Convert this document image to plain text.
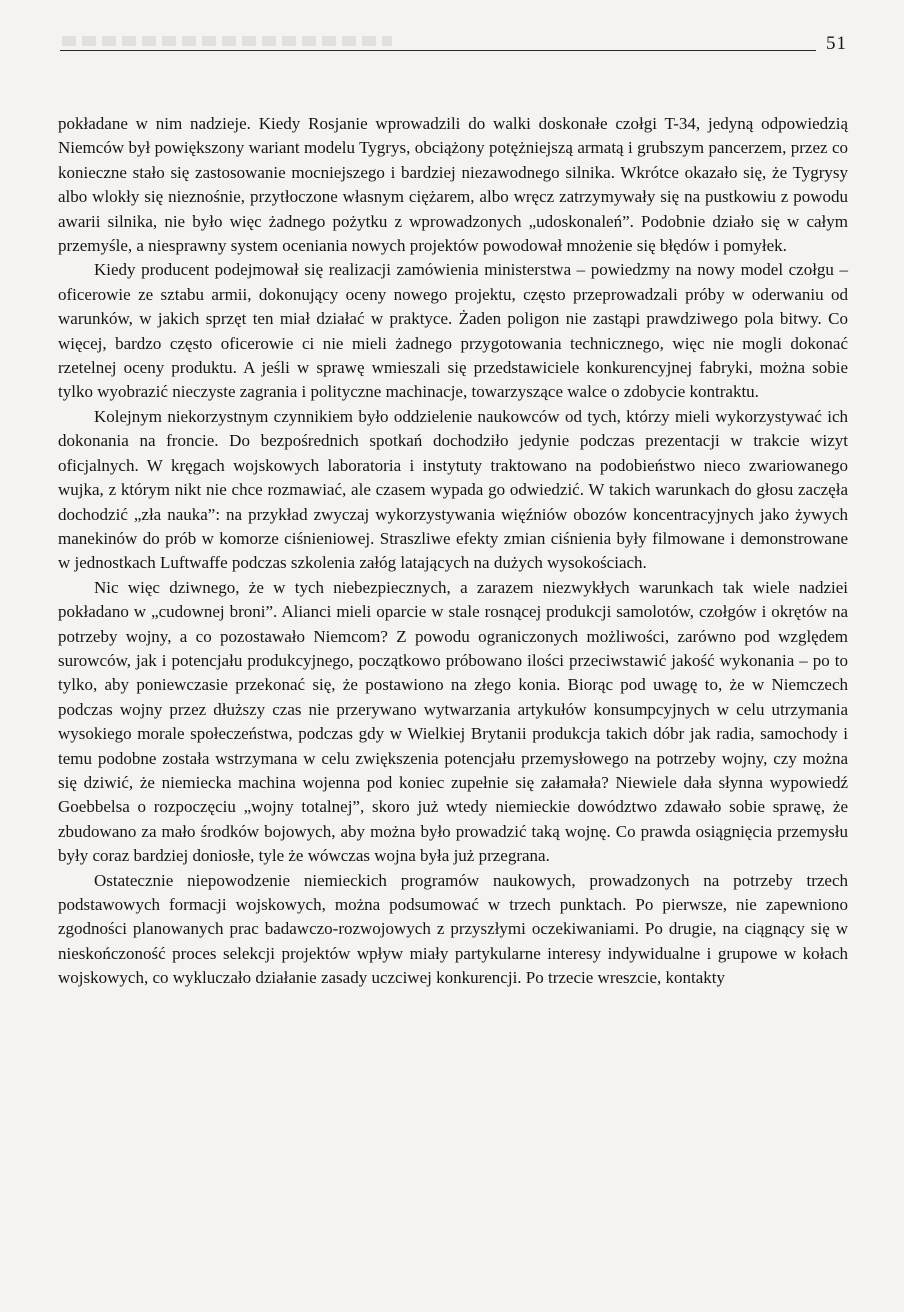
51

pokładane w nim nadzieje. Kiedy Rosjanie wprowadzili do walki doskonałe czołgi T-34, jedyną odpowiedzią Niemców był powiększony wariant modelu Tygrys, obciążony potężniejszą armatą i grubszym pancerzem, przez co konieczne stało się zastosowanie mocniejszego i bardziej niezawodnego silnika. Wkrótce okazało się, że Tygrysy albo wlokły się nieznośnie, przytłoczone własnym ciężarem, albo wręcz zatrzymywały się na pustkowiu z powodu awarii silnika, nie było więc żadnego pożytku z wprowadzonych „udoskonaleń”. Podobnie działo się w całym przemyśle, a niesprawny system oceniania nowych projektów powodował mnożenie się błędów i pomyłek.

Kiedy producent podejmował się realizacji zamówienia ministerstwa – powiedzmy na nowy model czołgu – oficerowie ze sztabu armii, dokonujący oceny nowego projektu, często przeprowadzali próby w oderwaniu od warunków, w jakich sprzęt ten miał działać w praktyce. Żaden poligon nie zastąpi prawdziwego pola bitwy. Co więcej, bardzo często oficerowie ci nie mieli żadnego przygotowania technicznego, więc nie mogli dokonać rzetelnej oceny produktu. A jeśli w sprawę wmieszali się przedstawiciele konkurencyjnej fabryki, można sobie tylko wyobrazić nieczyste zagrania i polityczne machinacje, towarzyszące walce o zdobycie kontraktu.

Kolejnym niekorzystnym czynnikiem było oddzielenie naukowców od tych, którzy mieli wykorzystywać ich dokonania na froncie. Do bezpośrednich spotkań dochodziło jedynie podczas prezentacji w trakcie wizyt oficjalnych. W kręgach wojskowych laboratoria i instytuty traktowano na podobieństwo nieco zwariowanego wujka, z którym nikt nie chce rozmawiać, ale czasem wypada go odwiedzić. W takich warunkach do głosu zaczęła dochodzić „zła nauka”: na przykład zwyczaj wykorzystywania więźniów obozów koncentracyjnych jako żywych manekinów do prób w komorze ciśnieniowej. Straszliwe efekty zmian ciśnienia były filmowane i demonstrowane w jednostkach Luftwaffe podczas szkolenia załóg latających na dużych wysokościach.

Nic więc dziwnego, że w tych niebezpiecznych, a zarazem niezwykłych warunkach tak wiele nadziei pokładano w „cudownej broni”. Alianci mieli oparcie w stale rosnącej produkcji samolotów, czołgów i okrętów na potrzeby wojny, a co pozostawało Niemcom? Z powodu ograniczonych możliwości, zarówno pod względem surowców, jak i potencjału produkcyjnego, początkowo próbowano ilości przeciwstawić jakość wykonania – po to tylko, aby poniewczasie przekonać się, że postawiono na złego konia. Biorąc pod uwagę to, że w Niemczech podczas wojny przez dłuższy czas nie przerywano wytwarzania artykułów konsumpcyjnych w celu utrzymania wysokiego morale społeczeństwa, podczas gdy w Wielkiej Brytanii produkcja takich dóbr jak radia, samochody i temu podobne została wstrzymana w celu zwiększenia potencjału przemysłowego na potrzeby wojny, czy można się dziwić, że niemiecka machina wojenna pod koniec zupełnie się załamała? Niewiele dała słynna wypowiedź Goebbelsa o rozpoczęciu „wojny totalnej”, skoro już wtedy niemieckie dowództwo zdawało sobie sprawę, że zbudowano za mało środków bojowych, aby można było prowadzić taką wojnę. Co prawda osiągnięcia przemysłu były coraz bardziej doniosłe, tyle że wówczas wojna była już przegrana.

Ostatecznie niepowodzenie niemieckich programów naukowych, prowadzonych na potrzeby trzech podstawowych formacji wojskowych, można podsumować w trzech punktach. Po pierwsze, nie zapewniono zgodności planowanych prac badawczo-rozwojowych z przyszłymi oczekiwaniami. Po drugie, na ciągnący się w nieskończoność proces selekcji projektów wpływ miały partykularne interesy indywidualne i grupowe w kołach wojskowych, co wykluczało działanie zasady uczciwej konkurencji. Po trzecie wreszcie, kontakty
